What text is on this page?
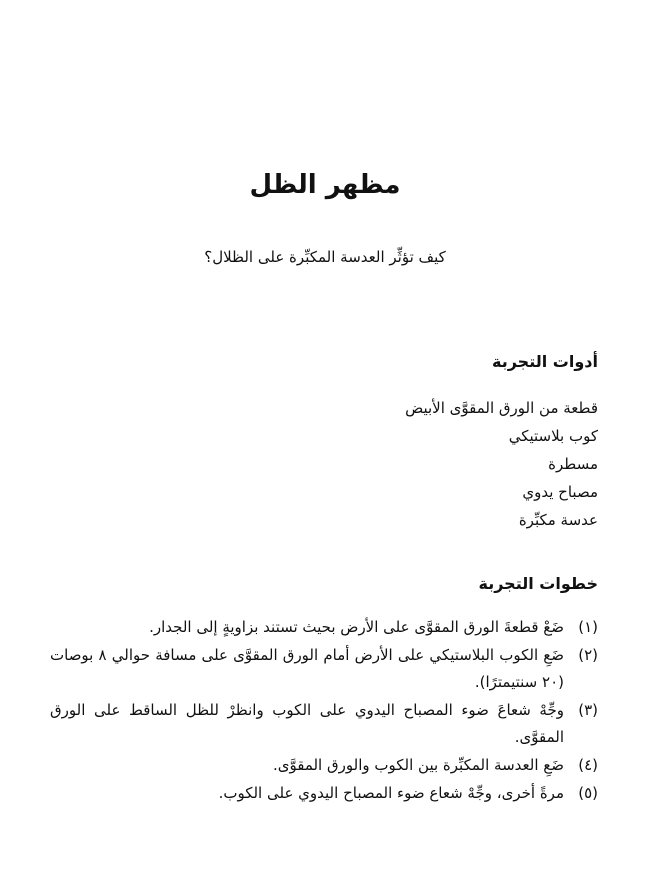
مظهر الظل

كيف تؤثِّر العدسة المكبِّرة على الظلال؟

أدوات التجربة
قطعة من الورق المقوَّى الأبيض
كوب بلاستيكي
مسطرة
مصباح يدوي
عدسة مكبِّرة
خطوات التجربة
(١)
ضَعْ قطعةَ الورق المقوَّى على الأرض بحيث تستند بزاويةٍ إلى الجدار.
(٢)
ضَعِ الكوب البلاستيكي على الأرض أمام الورق المقوَّى على مسافة حوالي ٨ بوصات (٢٠ سنتيمترًا).
(٣)
وجِّهْ شعاعَ ضوء المصباح اليدوي على الكوب وانظرْ للظل الساقط على الورق المقوَّى.
(٤)
ضَعِ العدسة المكبِّرة بين الكوب والورق المقوَّى.
(٥)
مرةً أخرى، وجِّهْ شعاع ضوء المصباح اليدوي على الكوب.
